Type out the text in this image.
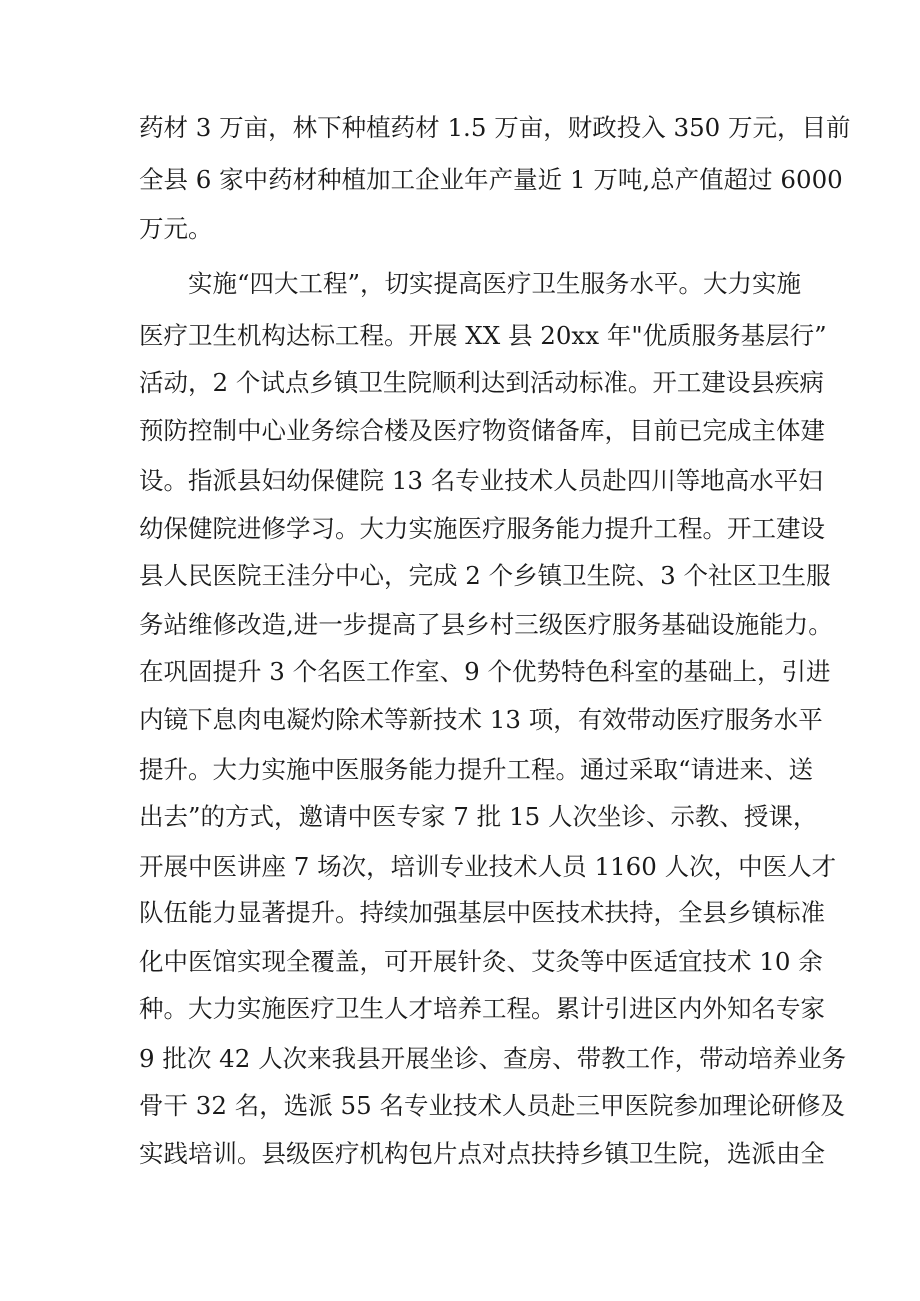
药材 3 万亩，林下种植药材 1.5 万亩，财政投入 350 万元，目前
全县 6 家中药材种植加工企业年产量近 1 万吨,总产值超过 6000
万元。
实施“四大工程”，切实提高医疗卫生服务水平。大力实施
医疗卫生机构达标工程。开展 XX 县 20xx 年"优质服务基层行”
活动，2 个试点乡镇卫生院顺利达到活动标准。开工建设县疾病
预防控制中心业务综合楼及医疗物资储备库，目前已完成主体建
设。指派县妇幼保健院 13 名专业技术人员赴四川等地高水平妇
幼保健院进修学习。大力实施医疗服务能力提升工程。开工建设
县人民医院王洼分中心，完成 2 个乡镇卫生院、3 个社区卫生服
务站维修改造,进一步提高了县乡村三级医疗服务基础设施能力。
在巩固提升 3 个名医工作室、9 个优势特色科室的基础上，引进
内镜下息肉电凝灼除术等新技术 13 项，有效带动医疗服务水平
提升。大力实施中医服务能力提升工程。通过采取“请进来、送
出去”的方式，邀请中医专家 7 批 15 人次坐诊、示教、授课，
开展中医讲座 7 场次，培训专业技术人员 1160 人次，中医人才
队伍能力显著提升。持续加强基层中医技术扶持，全县乡镇标准
化中医馆实现全覆盖，可开展针灸、艾灸等中医适宜技术 10 余
种。大力实施医疗卫生人才培养工程。累计引进区内外知名专家
9 批次 42 人次来我县开展坐诊、查房、带教工作，带动培养业务
骨干 32 名，选派 55 名专业技术人员赴三甲医院参加理论研修及
实践培训。县级医疗机构包片点对点扶持乡镇卫生院，选派由全
